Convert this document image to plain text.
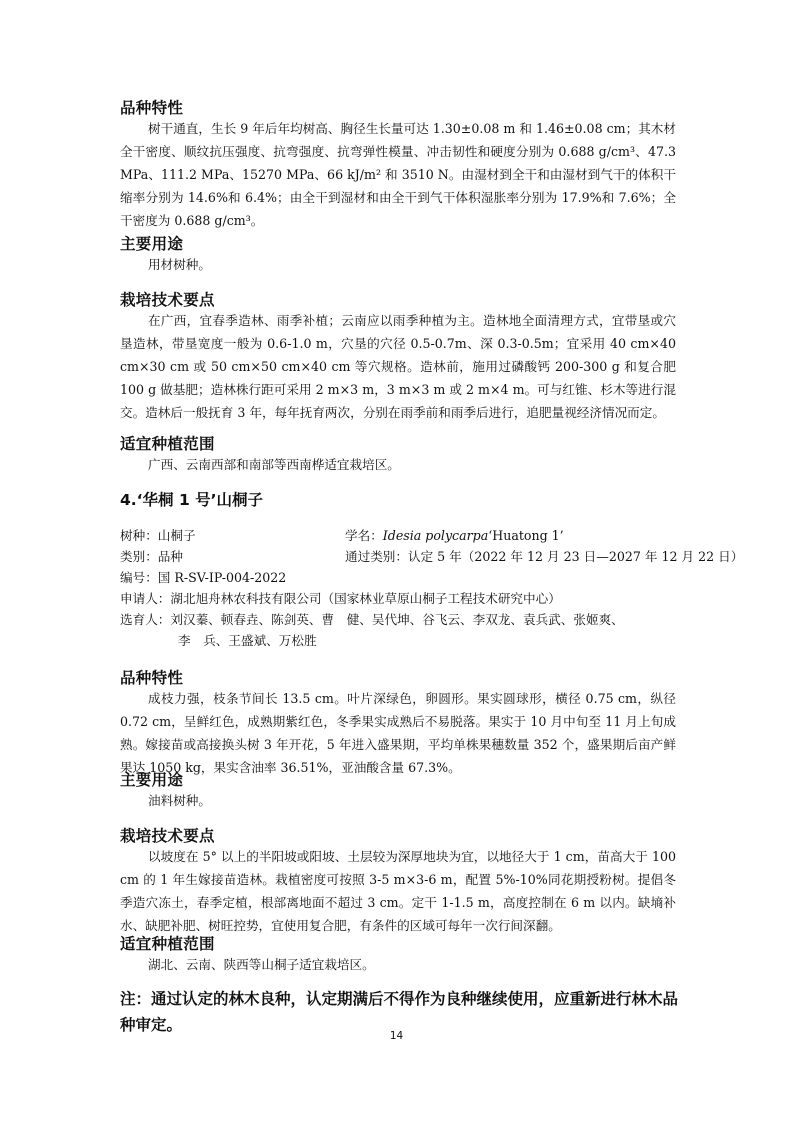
品种特性

树干通直，生长 9 年后年均树高、胸径生长量可达 1.30±0.08 m 和 1.46±0.08 cm；其木材全干密度、顺纹抗压强度、抗弯强度、抗弯弹性模量、冲击韧性和硬度分别为 0.688 g/cm³、47.3 MPa、111.2 MPa、15270 MPa、66 kJ/m² 和 3510 N。由湿材到全干和由湿材到气干的体积干缩率分别为 14.6%和 6.4%；由全干到湿材和由全干到气干体积湿胀率分别为 17.9%和 7.6%；全干密度为 0.688 g/cm³。

主要用途

用材树种。

栽培技术要点

在广西，宜春季造林、雨季补植；云南应以雨季种植为主。造林地全面清理方式，宜带垦或穴垦造林，带垦宽度一般为 0.6-1.0 m，穴垦的穴径 0.5-0.7m、深 0.3-0.5m；宜采用 40 cm×40 cm×30 cm 或 50 cm×50 cm×40 cm 等穴规格。造林前，施用过磷酸钙 200-300 g 和复合肥 100 g 做基肥；造林株行距可采用 2 m×3 m，3 m×3 m 或 2 m×4 m。可与红锥、杉木等进行混交。造林后一般抚育 3 年，每年抚育两次，分别在雨季前和雨季后进行，追肥量视经济情况而定。

适宜种植范围

广西、云南西部和南部等西南桦适宜栽培区。

4.‘华桐 1 号’山桐子
树种：山桐子	学名：Idesia polycarpa‘Huatong 1’
类别：品种	通过类别：认定 5 年（2022 年 12 月 23 日—2027 年 12 月 22 日）
编号：国 R-SV-IP-004-2022
申请人：湖北旭舟林农科技有限公司（国家林业草原山桐子工程技术研究中心）
选育人：刘汉蓁、顿春垚、陈剑英、曹　健、吴代坤、谷飞云、李双龙、袁兵武、张姬爽、
李　兵、王盛斌、万松胜
品种特性

成枝力强，枝条节间长 13.5 cm。叶片深绿色，卵圆形。果实圆球形，横径 0.75 cm，纵径 0.72 cm，呈鲜红色，成熟期紫红色，冬季果实成熟后不易脱落。果实于 10 月中旬至 11 月上旬成熟。嫁接苗或高接换头树 3 年开花，5 年进入盛果期，平均单株果穗数量 352 个，盛果期后亩产鲜果达 1050 kg，果实含油率 36.51%，亚油酸含量 67.3%。

主要用途

油料树种。

栽培技术要点

以坡度在 5° 以上的半阳坡或阳坡、土层较为深厚地块为宜，以地径大于 1 cm，苗高大于 100 cm 的 1 年生嫁接苗造林。栽植密度可按照 3-5 m×3-6 m，配置 5%-10%同花期授粉树。提倡冬季造穴冻土，春季定植，根部离地面不超过 3 cm。定干 1-1.5 m，高度控制在 6 m 以内。缺墒补水、缺肥补肥、树旺控势，宜使用复合肥，有条件的区域可每年一次行间深翻。

适宜种植范围

湖北、云南、陕西等山桐子适宜栽培区。

注：通过认定的林木良种，认定期满后不得作为良种继续使用，应重新进行林木品种审定。
14
